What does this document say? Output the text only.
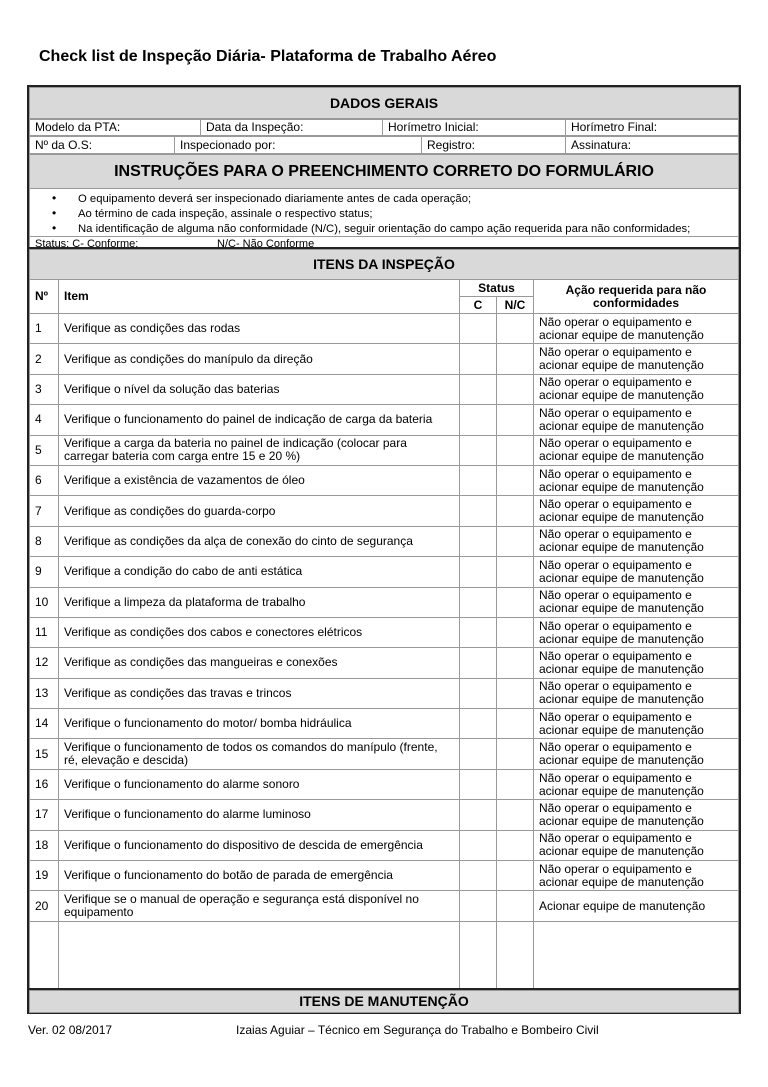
Check list de Inspeção Diária- Plataforma de Trabalho Aéreo
DADOS GERAIS
Modelo da PTA:	Data da Inspeção:	Horímetro Inicial:	Horímetro Final:
Nº da O.S:	Inspecionado por:	Registro:	Assinatura:
INSTRUÇÕES PARA O PREENCHIMENTO CORRETO DO FORMULÁRIO

• O equipamento deverá ser inspecionado diariamente antes de cada operação;
• Ao término de cada inspeção, assinale o respectivo status;
• Na identificação de alguma não conformidade (N/C), seguir orientação do campo ação requerida para não conformidades;

Status: C- Conforme;	N/C- Não Conforme
ITENS DA INSPEÇÃO				
Nº	Item	Status		Ação requerida para não conformidades
		C	N/C	
1	Verifique as condições das rodas			Não operar o equipamento e acionar equipe de manutenção
2	Verifique as condições do manípulo da direção			Não operar o equipamento e acionar equipe de manutenção
3	Verifique o nível da solução das baterias			Não operar o equipamento e acionar equipe de manutenção
4	Verifique o funcionamento do painel de indicação de carga da bateria			Não operar o equipamento e acionar equipe de manutenção
5	Verifique a carga da bateria no painel de indicação (colocar para carregar bateria com carga entre 15 e 20 %)			Não operar o equipamento e acionar equipe de manutenção
6	Verifique a existência de vazamentos de óleo			Não operar o equipamento e acionar equipe de manutenção
7	Verifique as condições do guarda-corpo			Não operar o equipamento e acionar equipe de manutenção
8	Verifique as condições da alça de conexão do cinto de segurança			Não operar o equipamento e acionar equipe de manutenção
9	Verifique a condição do cabo de anti estática			Não operar o equipamento e acionar equipe de manutenção
10	Verifique a limpeza da plataforma de trabalho			Não operar o equipamento e acionar equipe de manutenção
11	Verifique as condições dos cabos e conectores elétricos			Não operar o equipamento e acionar equipe de manutenção
12	Verifique as condições das mangueiras e conexões			Não operar o equipamento e acionar equipe de manutenção
13	Verifique as condições das travas e trincos			Não operar o equipamento e acionar equipe de manutenção
14	Verifique o funcionamento do motor/ bomba hidráulica			Não operar o equipamento e acionar equipe de manutenção
15	Verifique o funcionamento de todos os comandos do manípulo (frente, ré, elevação e descida)			Não operar o equipamento e acionar equipe de manutenção
16	Verifique o funcionamento do alarme sonoro			Não operar o equipamento e acionar equipe de manutenção
17	Verifique o funcionamento do alarme luminoso			Não operar o equipamento e acionar equipe de manutenção
18	Verifique o funcionamento do dispositivo de descida de emergência			Não operar o equipamento e acionar equipe de manutenção
19	Verifique o funcionamento do botão de parada de emergência			Não operar o equipamento e acionar equipe de manutenção
20	Verifique se o manual de operação e segurança está disponível no equipamento			Acionar equipe de manutenção

ITENS DE MANUTENÇÃO
Ver. 02 08/2017	Izaias Aguiar – Técnico em Segurança do Trabalho e Bombeiro Civil
